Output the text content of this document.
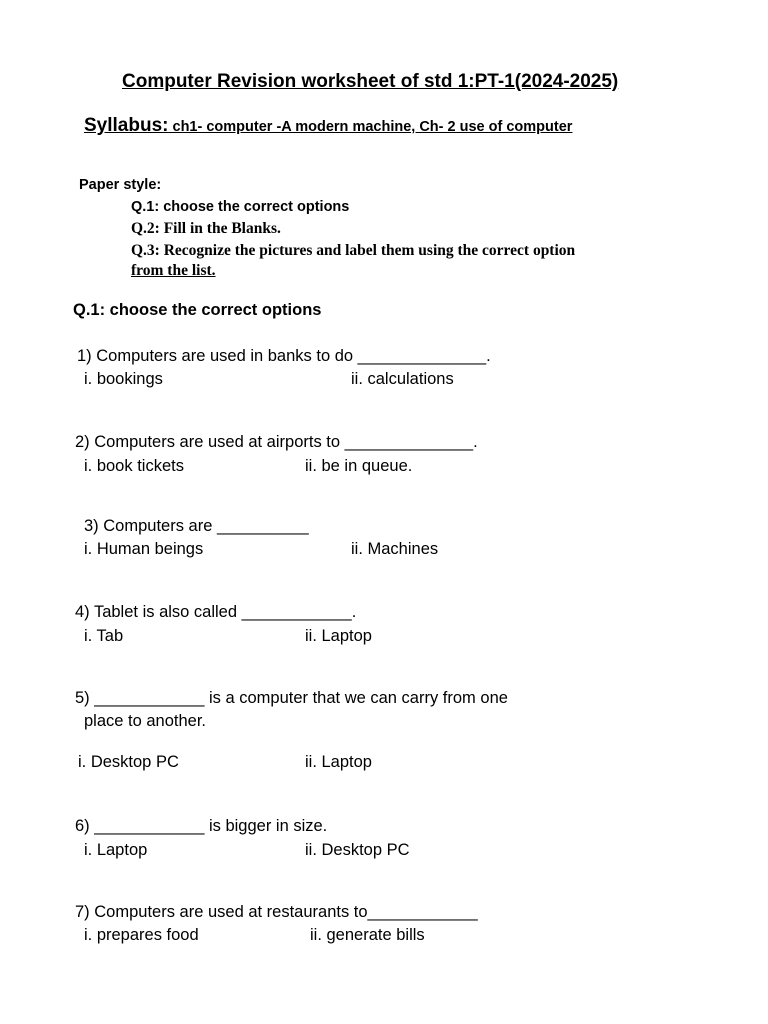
Computer Revision worksheet of std 1:PT-1(2024-2025)
Syllabus: ch1- computer -A modern machine, Ch- 2 use of computer
Paper style:
Q.1: choose the correct options
Q.2: Fill in the Blanks.
Q.3: Recognize the pictures and label them using the correct option
from the list.
Q.1: choose the correct options
1) Computers are used in banks to do ______________.
i. bookings	ii. calculations
2) Computers are used at airports to ______________.
i. book tickets	ii. be in queue.
3) Computers are __________
i. Human beings	ii. Machines
4) Tablet is also called ____________.
i. Tab	ii. Laptop
5) ____________ is a computer that we can carry from one
place to another.
i. Desktop PC	ii. Laptop
6) ____________ is bigger in size.
i. Laptop	ii. Desktop PC
7) Computers are used at restaurants to____________
i. prepares food	ii. generate bills
